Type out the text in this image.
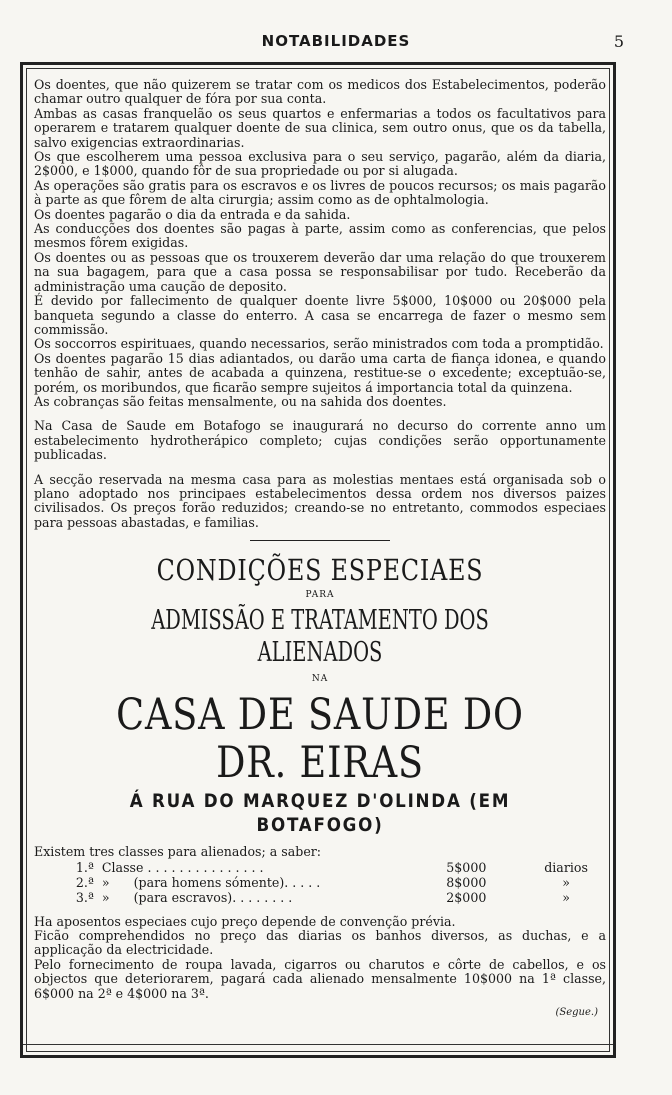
NOTABILIDADES	5

Os doentes, que não quizerem se tratar com os medicos dos Estabelecimentos, poderão chamar outro qualquer de fóra por sua conta.

Ambas as casas franquelão os seus quartos e enfermarias a todos os facultativos para operarem e tratarem qualquer doente de sua clinica, sem outro onus, que os da tabella, salvo exigencias extraordinarias.

Os que escolherem uma pessoa exclusiva para o seu serviço, pagarão, além da diaria, 2$000, e 1$000, quando fôr de sua propriedade ou por si alugada.

As operações são gratis para os escravos e os livres de poucos recursos; os mais pagarão à parte as que fôrem de alta cirurgia; assim como as de ophtalmologia.

Os doentes pagarão o dia da entrada e da sahida.

As conducções dos doentes são pagas à parte, assim como as conferencias, que pelos mesmos fôrem exigidas.

Os doentes ou as pessoas que os trouxerem deverão dar uma relação do que trouxerem na sua bagagem, para que a casa possa se responsabilisar por tudo. Receberão da administração uma caução de deposito.

É devido por fallecimento de qualquer doente livre 5$000, 10$000 ou 20$000 pela banqueta segundo a classe do enterro. A casa se encarrega de fazer o mesmo sem commissão.

Os soccorros espirituaes, quando necessarios, serão ministrados com toda a promptidão.

Os doentes pagarão 15 dias adiantados, ou darão uma carta de fiança idonea, e quando tenhão de sahir, antes de acabada a quinzena, restitue-se o excedente; exceptuão-se, porém, os moribundos, que ficarão sempre sujeitos á importancia total da quinzena.

As cobranças são feitas mensalmente, ou na sahida dos doentes.

Na Casa de Saude em Botafogo se inaugurará no decurso do corrente anno um estabelecimento hydrotherápico completo; cujas condições serão opportunamente publicadas.

A secção reservada na mesma casa para as molestias mentaes está organisada sob o plano adoptado nos principaes estabelecimentos dessa ordem nos diversos paizes civilisados. Os preços forão reduzidos; creando-se no entretanto, commodos especiaes para pessoas abastadas, e familias.

CONDIÇÕES ESPECIAES
PARA
ADMISSÃO E TRATAMENTO DOS ALIENADOS
NA
CASA DE SAUDE DO DR. EIRAS
Á RUA DO MARQUEZ D'OLINDA (EM BOTAFOGO)

Existem tres classes para alienados; a saber:

1.ª Classe . . . . . . . . . . . . . . .	5$000	diarios
2.ª »      (para homens sómente). . . . .	8$000	»
3.ª »      (para escravos). . . . . . . .	2$000	»

Ha aposentos especiaes cujo preço depende de convenção prévia.

Ficão comprehendidos no preço das diarias os banhos diversos, as duchas, e a applicação da electricidade.

Pelo fornecimento de roupa lavada, cigarros ou charutos e côrte de cabellos, e os objectos que deteriorarem, pagará cada alienado mensalmente 10$000 na 1ª classe, 6$000 na 2ª e 4$000 na 3ª.

(Segue.)
